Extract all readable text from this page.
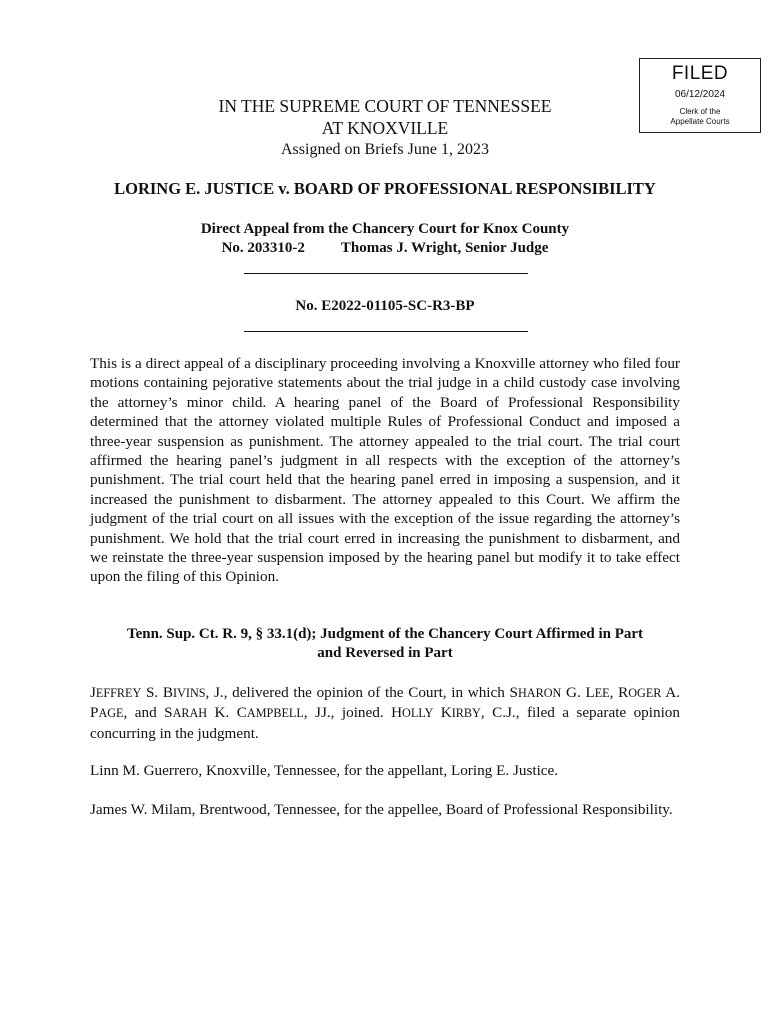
FILED
06/12/2024
Clerk of the
Appellate Courts
IN THE SUPREME COURT OF TENNESSEE
AT KNOXVILLE
Assigned on Briefs June 1, 2023
LORING E. JUSTICE v. BOARD OF PROFESSIONAL RESPONSIBILITY
Direct Appeal from the Chancery Court for Knox County
No. 203310-2 Thomas J. Wright, Senior Judge
No. E2022-01105-SC-R3-BP

This is a direct appeal of a disciplinary proceeding involving a Knoxville attorney who filed four motions containing pejorative statements about the trial judge in a child custody case involving the attorney’s minor child. A hearing panel of the Board of Professional Responsibility determined that the attorney violated multiple Rules of Professional Conduct and imposed a three-year suspension as punishment. The attorney appealed to the trial court. The trial court affirmed the hearing panel’s judgment in all respects with the exception of the attorney’s punishment. The trial court held that the hearing panel erred in imposing a suspension, and it increased the punishment to disbarment. The attorney appealed to this Court. We affirm the judgment of the trial court on all issues with the exception of the issue regarding the attorney’s punishment. We hold that the trial court erred in increasing the punishment to disbarment, and we reinstate the three-year suspension imposed by the hearing panel but modify it to take effect upon the filing of this Opinion.

Tenn. Sup. Ct. R. 9, § 33.1(d); Judgment of the Chancery Court Affirmed in Part
and Reversed in Part

JEFFREY S. BIVINS, J., delivered the opinion of the Court, in which SHARON G. LEE, ROGER A. PAGE, and SARAH K. CAMPBELL, JJ., joined. HOLLY KIRBY, C.J., filed a separate opinion concurring in the judgment.

Linn M. Guerrero, Knoxville, Tennessee, for the appellant, Loring E. Justice.

James W. Milam, Brentwood, Tennessee, for the appellee, Board of Professional Responsibility.
